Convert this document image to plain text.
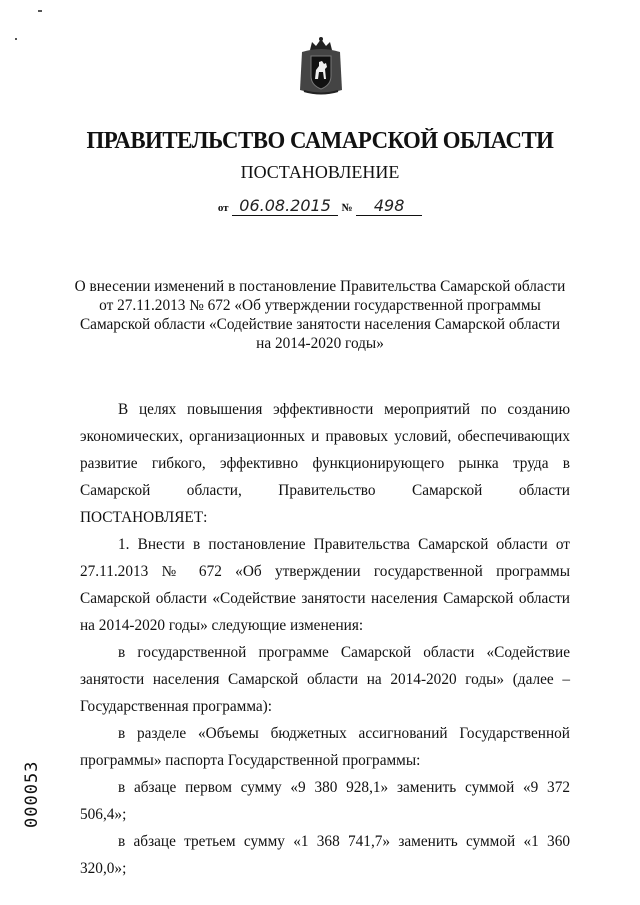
ПРАВИТЕЛЬСТВО САМАРСКОЙ ОБЛАСТИ
ПОСТАНОВЛЕНИЕ
от 06.08.2015 № 498
О внесении изменений в постановление Правительства Самарской области
от 27.11.2013 № 672 «Об утверждении государственной программы
Самарской области «Содействие занятости населения Самарской области
на 2014-2020 годы»

В целях повышения эффективности мероприятий по созданию экономических, организационных и правовых условий, обеспечивающих развитие гибкого, эффективно функционирующего рынка труда в Самарской области, Правительство Самарской области ПОСТАНОВЛЯЕТ:

1. Внести в постановление Правительства Самарской области от 27.11.2013 № 672 «Об утверждении государственной программы Самарской области «Содействие занятости населения Самарской области на 2014-2020 годы» следующие изменения:

в государственной программе Самарской области «Содействие занятости населения Самарской области на 2014-2020 годы» (далее – Государственная программа):

в разделе «Объемы бюджетных ассигнований Государственной программы» паспорта Государственной программы:

в абзаце первом сумму «9 380 928,1» заменить суммой «9 372 506,4»;

в абзаце третьем сумму «1 368 741,7» заменить суммой «1 360 320,0»;

000053
